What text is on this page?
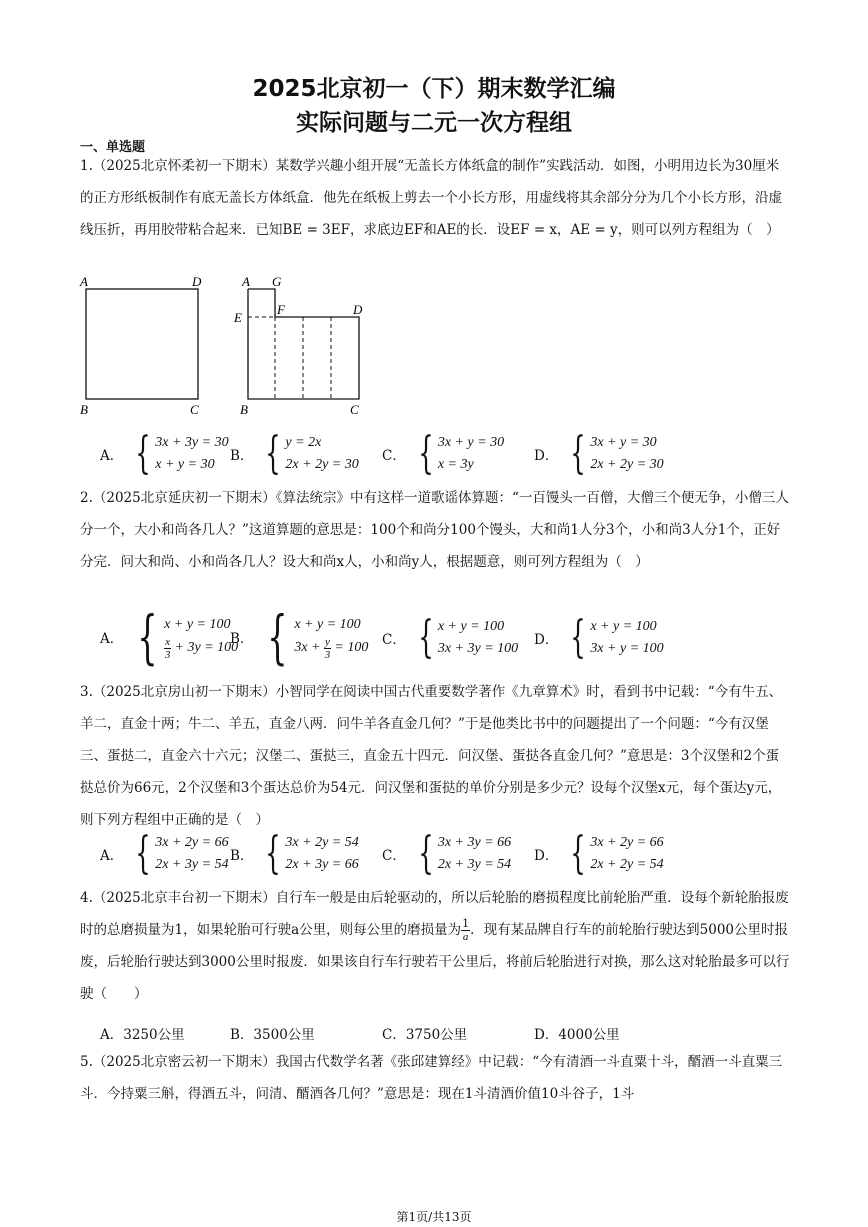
2025北京初一（下）期末数学汇编
实际问题与二元一次方程组
一、单选题

1.（2025北京怀柔初一下期末）某数学兴趣小组开展“无盖长方体纸盒的制作”实践活动．如图，小明用边长为30厘米的正方形纸板制作有底无盖长方体纸盒．他先在纸板上剪去一个小长方形，用虚线将其余部分分为几个小长方形，沿虚线压折，再用胶带粘合起来．已知BE = 3EF，求底边EF和AE的长．设EF = x，AE = y，则可以列方程组为（　）

A	D
B	C
A G
E
F	D
B	C
A． { 3x + 3y = 30
x + y = 30
B． { y = 2x
2x + 2y = 30
C． { 3x + y = 30
x = 3y
D． { 3x + y = 30
2x + 2y = 30

2.（2025北京延庆初一下期末）《算法统宗》中有这样一道歌谣体算题：“一百馒头一百僧，大僧三个便无争，小僧三人分一个，大小和尚各几人？”这道算题的意思是：100个和尚分100个馒头，大和尚1人分3个，小和尚3人分1个，正好分完．问大和尚、小和尚各几人？设大和尚x人，小和尚y人，根据题意，则可列方程组为（　）

A． { x + y = 100
$\frac{x}{3}$
+ 3y = 100
B． { x + y = 100
3x +
$\frac{y}{3}$
= 100 C． { x + y = 100
3x + 3y = 100
D． { x + y = 100
3x + y = 100

3.（2025北京房山初一下期末）小智同学在阅读中国古代重要数学著作《九章算术》时，看到书中记载：“今有牛五、羊二，直金十两；牛二、羊五，直金八两．问牛羊各直金几何？”于是他类比书中的问题提出了一个问题：“今有汉堡三、蛋挞二，直金六十六元；汉堡二、蛋挞三，直金五十四元．问汉堡、蛋挞各直金几何？”意思是：3个汉堡和2个蛋挞总价为66元，2个汉堡和3个蛋达总价为54元．问汉堡和蛋挞的单价分别是多少元？设每个汉堡x元，每个蛋达y元，则下列方程组中正确的是（　）

A． { 3x + 2y = 66
2x + 3y = 54
B． { 3x + 2y = 54
2x + 3y = 66
C． { 3x + 3y = 66
2x + 3y = 54
D． { 3x + 2y = 66
2x + 2y = 54

4.（2025北京丰台初一下期末）自行车一般是由后轮驱动的，所以后轮胎的磨损程度比前轮胎严重．设每个新轮胎报废时的总磨损量为1，如果轮胎可行驶a公里，则每公里的磨损量为 $\frac{1}{a}$ ．现有某品牌自行车的前轮胎行驶达到5000公里时报废，后轮胎行驶达到3000公里时报废．如果该自行车行驶若干公里后，将前后轮胎进行对换，那么这对轮胎最多可以行驶（　　）

A．3250公里	B．3500公里	C．3750公里	D．4000公里

5.（2025北京密云初一下期末）我国古代数学名著《张邱建算经》中记载：“今有清酒一斗直粟十斗，醑酒一斗直粟三斗．今持粟三斛，得酒五斗，问清、醑酒各几何？”意思是：现在1斗清酒价值10斗谷子，1斗

第1页/共13页
